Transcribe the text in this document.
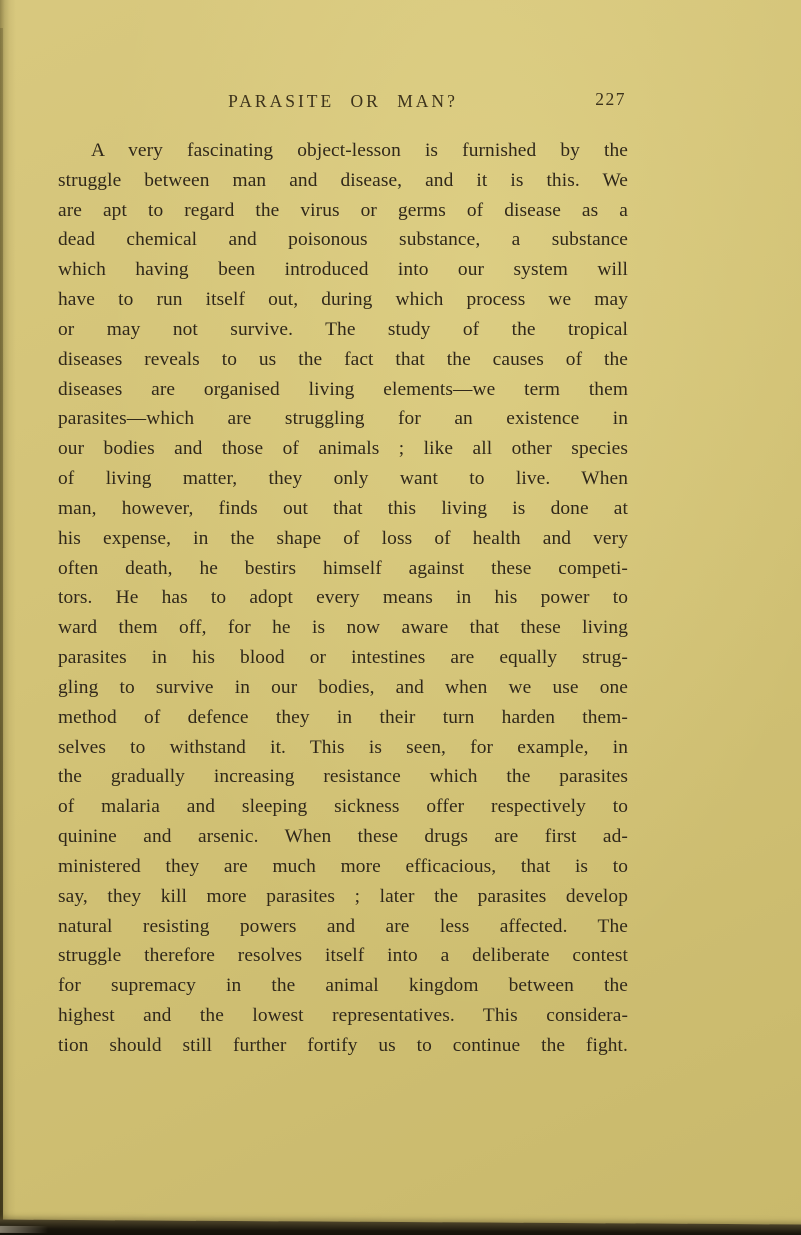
PARASITE OR MAN?	227
A very fascinating object-lesson is furnished by the
struggle between man and disease, and it is this. We
are apt to regard the virus or germs of disease as a
dead chemical and poisonous substance, a substance
which having been introduced into our system will
have to run itself out, during which process we may
or may not survive. The study of the tropical
diseases reveals to us the fact that the causes of the
diseases are organised living elements—we term them
parasites—which are struggling for an existence in
our bodies and those of animals ; like all other species
of living matter, they only want to live. When
man, however, finds out that this living is done at
his expense, in the shape of loss of health and very
often death, he bestirs himself against these competi-
tors. He has to adopt every means in his power to
ward them off, for he is now aware that these living
parasites in his blood or intestines are equally strug-
gling to survive in our bodies, and when we use one
method of defence they in their turn harden them-
selves to withstand it. This is seen, for example, in
the gradually increasing resistance which the parasites
of malaria and sleeping sickness offer respectively to
quinine and arsenic. When these drugs are first ad-
ministered they are much more efficacious, that is to
say, they kill more parasites ; later the parasites develop
natural resisting powers and are less affected. The
struggle therefore resolves itself into a deliberate contest
for supremacy in the animal kingdom between the
highest and the lowest representatives. This considera-
tion should still further fortify us to continue the fight.
